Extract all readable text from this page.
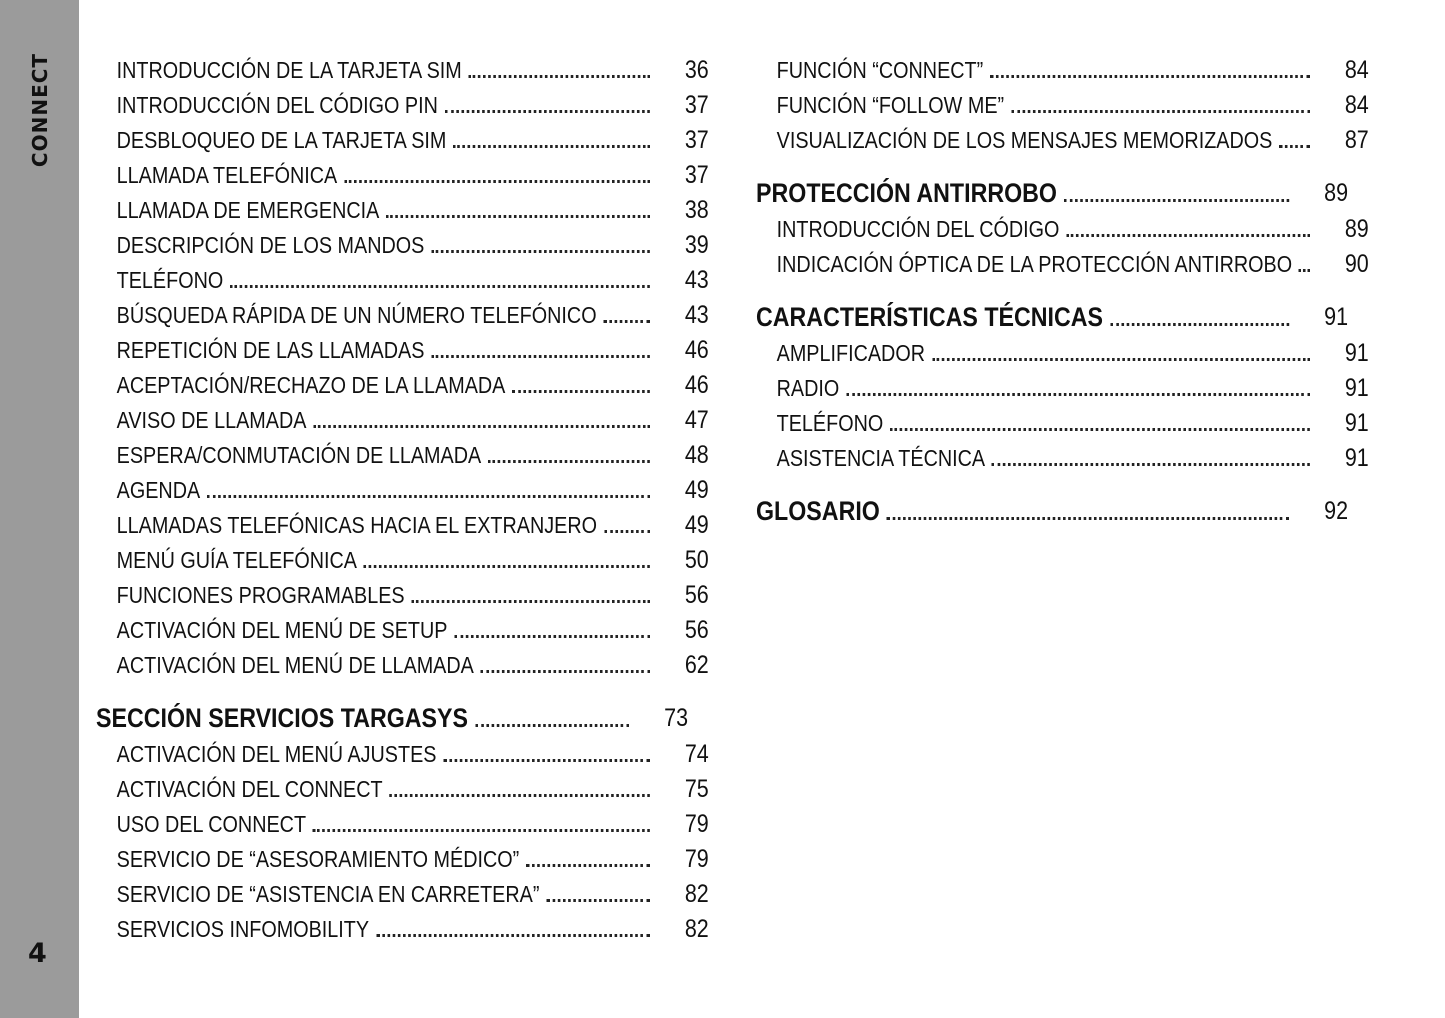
CONNECT
4
INTRODUCCIÓN DE LA TARJETA SIM	36
INTRODUCCIÓN DEL CÓDIGO PIN	37
DESBLOQUEO DE LA TARJETA SIM	37
LLAMADA TELEFÓNICA	37
LLAMADA DE EMERGENCIA	38
DESCRIPCIÓN DE LOS MANDOS	39
TELÉFONO	43
BÚSQUEDA RÁPIDA DE UN NÚMERO TELEFÓNICO	43
REPETICIÓN DE LAS LLAMADAS	46
ACEPTACIÓN/RECHAZO DE LA LLAMADA	46
AVISO DE LLAMADA	47
ESPERA/CONMUTACIÓN DE LLAMADA	48
AGENDA	49
LLAMADAS TELEFÓNICAS HACIA EL EXTRANJERO	49
MENÚ GUÍA TELEFÓNICA	50
FUNCIONES PROGRAMABLES	56
ACTIVACIÓN DEL MENÚ DE SETUP	56
ACTIVACIÓN DEL MENÚ DE LLAMADA	62
SECCIÓN SERVICIOS TARGASYS	73
ACTIVACIÓN DEL MENÚ AJUSTES	74
ACTIVACIÓN DEL CONNECT	75
USO DEL CONNECT	79
SERVICIO DE “ASESORAMIENTO MÉDICO”	79
SERVICIO DE “ASISTENCIA EN CARRETERA”	82
SERVICIOS INFOMOBILITY	82
FUNCIÓN “CONNECT”	84
FUNCIÓN “FOLLOW ME”	84
VISUALIZACIÓN DE LOS MENSAJES MEMORIZADOS	87
PROTECCIÓN ANTIRROBO	89
INTRODUCCIÓN DEL CÓDIGO	89
INDICACIÓN ÓPTICA DE LA PROTECCIÓN ANTIRROBO	90
CARACTERÍSTICAS TÉCNICAS	91
AMPLIFICADOR	91
RADIO	91
TELÉFONO	91
ASISTENCIA TÉCNICA	91
GLOSARIO	92
